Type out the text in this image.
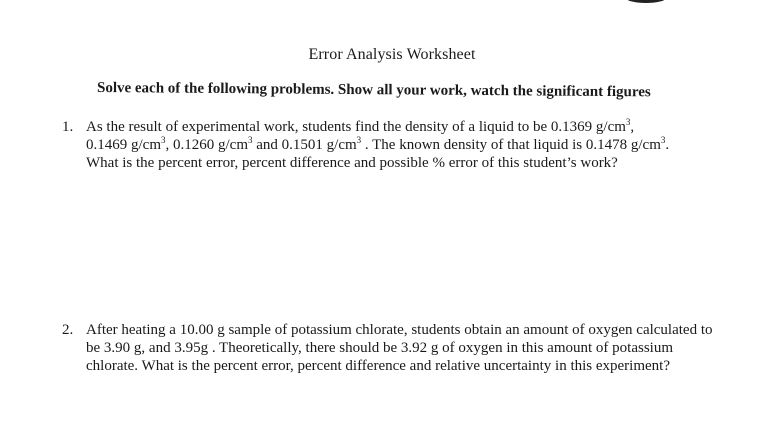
Error Analysis Worksheet
Solve each of the following problems. Show all your work, watch the significant figures
1. As the result of experimental work, students find the density of a liquid to be 0.1369 $g/cm^3$,
0.1469 $g/cm^3$, 0.1260 $g/cm^3$ and 0.1501 $g/cm^3$ . The known density of that liquid is 0.1478 $g/cm^3$.
What is the percent error, percent difference and possible % error of this student’s work?
2. After heating a 10.00 g sample of potassium chlorate, students obtain an amount of oxygen calculated to
be 3.90 g, and 3.95g . Theoretically, there should be 3.92 g of oxygen in this amount of potassium
chlorate. What is the percent error, percent difference and relative uncertainty in this experiment?
